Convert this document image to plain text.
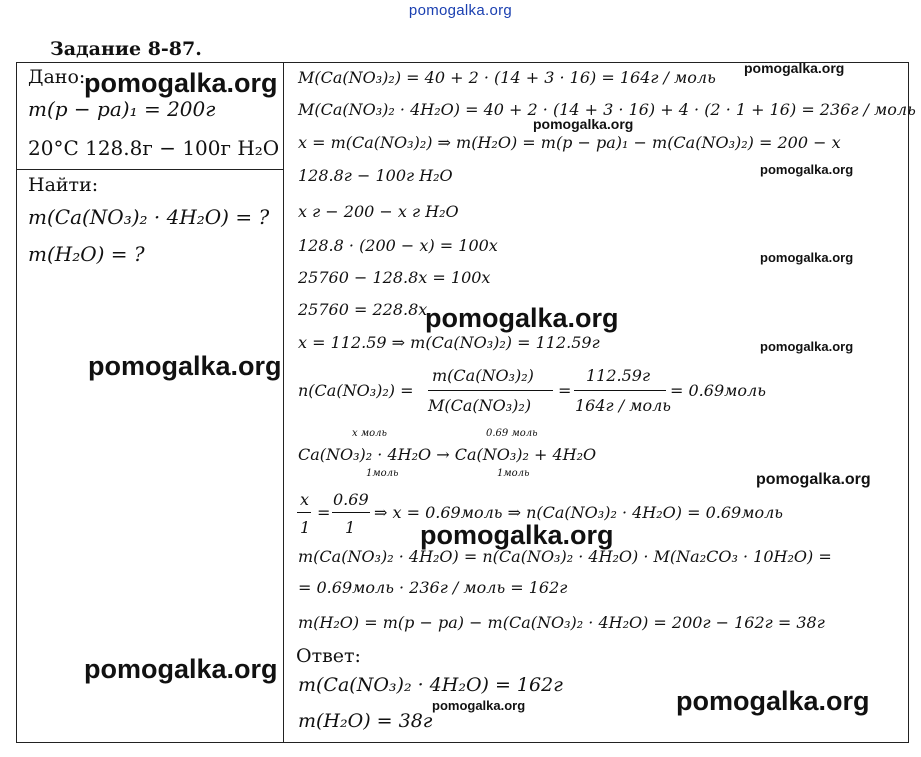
pomogalka.org
Задание 8-87.
Дано:
m(p − pa)₁ = 200г
20°C 128.8г − 100г H₂O
Найти:
m(Ca(NO₃)₂ · 4H₂O) = ?
m(H₂O) = ?
M(Ca(NO₃)₂) = 40 + 2 · (14 + 3 · 16) = 164г / моль
M(Ca(NO₃)₂ · 4H₂O) = 40 + 2 · (14 + 3 · 16) + 4 · (2 · 1 + 16) = 236г / моль
x = m(Ca(NO₃)₂) ⇒ m(H₂O) = m(p − pa)₁ − m(Ca(NO₃)₂) = 200 − x
128.8г − 100г H₂O
x г − 200 − x г H₂O
128.8 · (200 − x) = 100x
25760 − 128.8x = 100x
25760 = 228.8x
x = 112.59 ⇒ m(Ca(NO₃)₂) = 112.59г
n(Ca(NO₃)₂) =
m(Ca(NO₃)₂)
M(Ca(NO₃)₂)
=
112.59г
164г / моль
= 0.69моль
x моль	0.69 моль
Ca(NO₃)₂ · 4H₂O → Ca(NO₃)₂ + 4H₂O
1моль	1моль
x
1
=
0.69
1
⇒ x = 0.69моль ⇒ n(Ca(NO₃)₂ · 4H₂O) = 0.69моль
m(Ca(NO₃)₂ · 4H₂O) = n(Ca(NO₃)₂ · 4H₂O) · M(Na₂CO₃ · 10H₂O) =
= 0.69моль · 236г / моль = 162г
m(H₂O) = m(p − pa) − m(Ca(NO₃)₂ · 4H₂O) = 200г − 162г = 38г
Ответ:
m(Ca(NO₃)₂ · 4H₂O) = 162г
m(H₂O) = 38г
pomogalka.org	pomogalka.org
pomogalka.org
pomogalka.org
pomogalka.org
pomogalka.org
pomogalka.org
pomogalka.org
pomogalka.org
pomogalka.org
pomogalka.org
pomogalka.org
pomogalka.org
